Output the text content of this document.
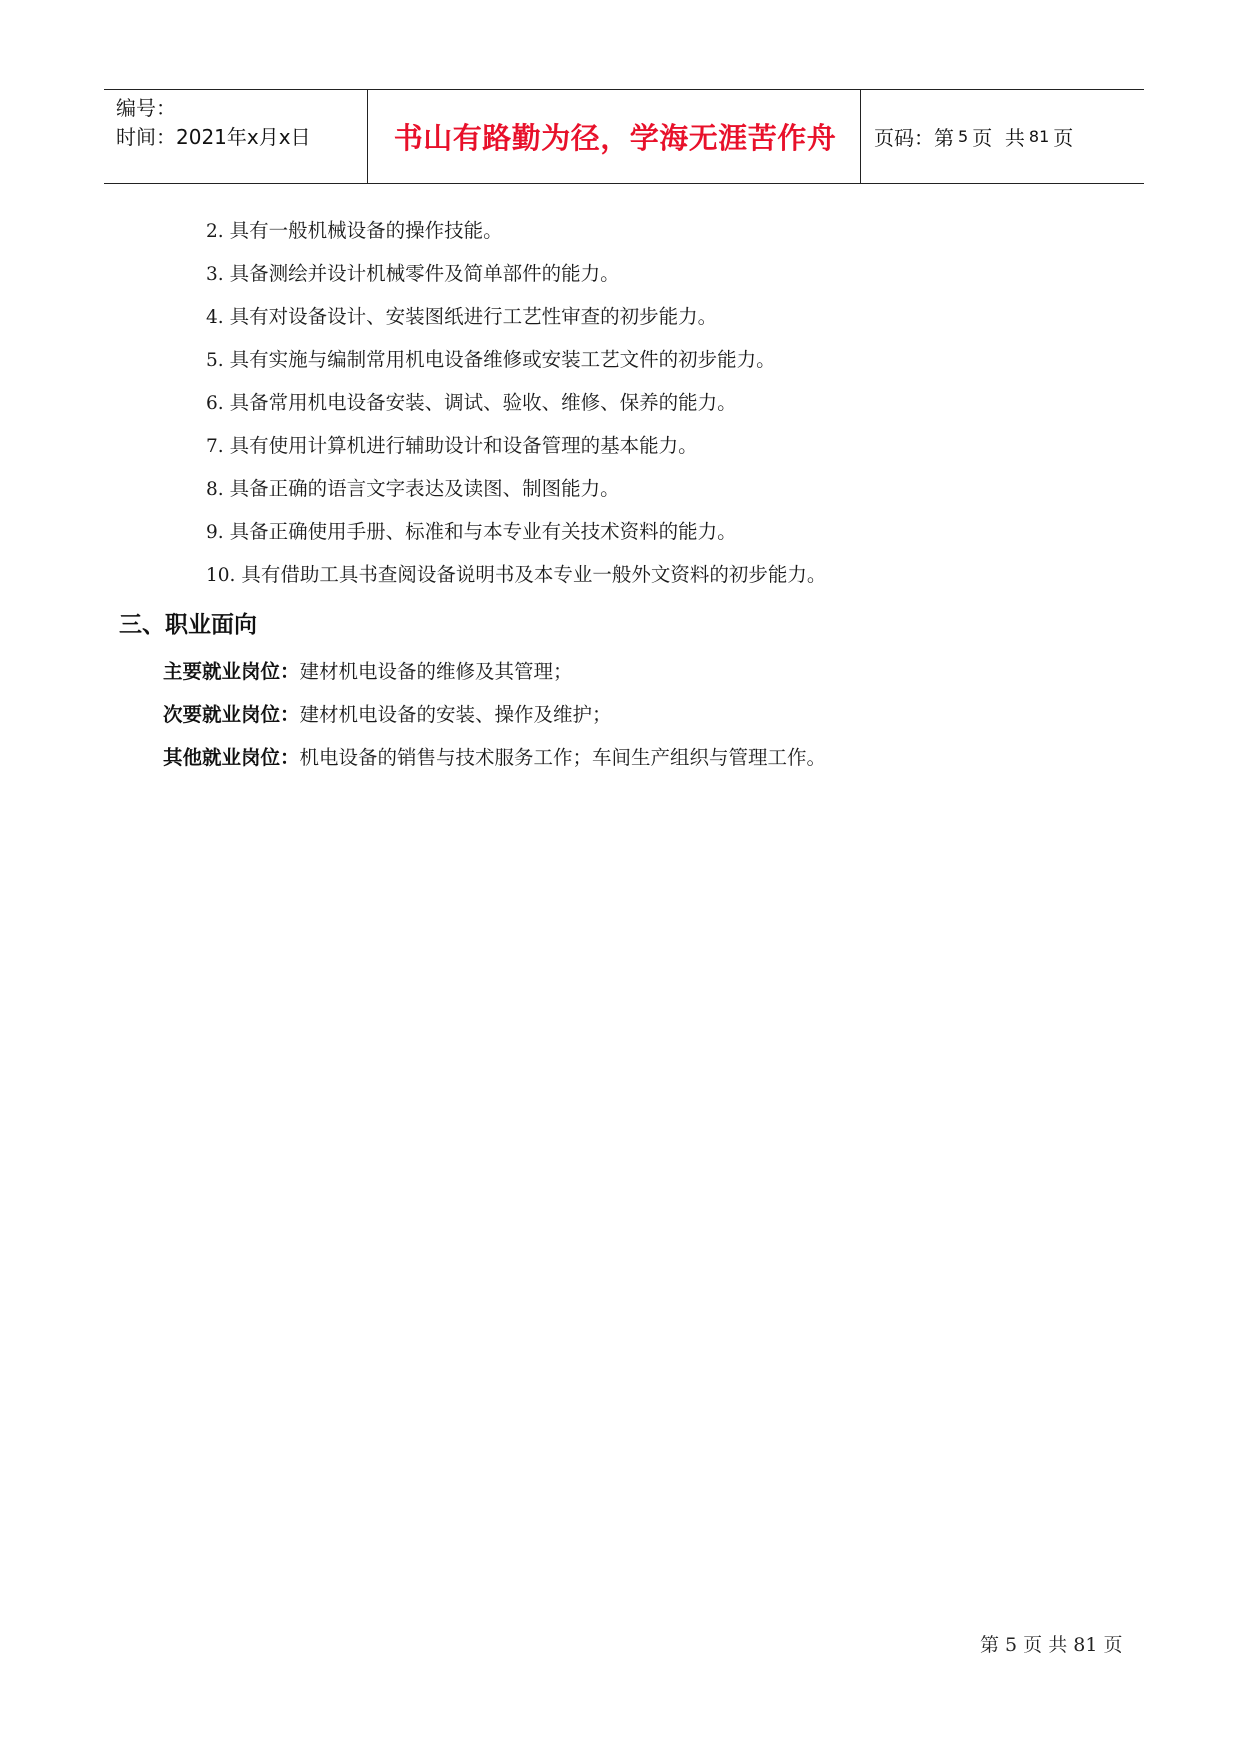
编号：
时间：2021年x月x日	书山有路勤为径，学海无涯苦作舟	页码：第 5 页  共 81 页
2. 具有一般机械设备的操作技能。
3. 具备测绘并设计机械零件及简单部件的能力。
4. 具有对设备设计、安装图纸进行工艺性审查的初步能力。
5. 具有实施与编制常用机电设备维修或安装工艺文件的初步能力。
6. 具备常用机电设备安装、调试、验收、维修、保养的能力。
7. 具有使用计算机进行辅助设计和设备管理的基本能力。
8. 具备正确的语言文字表达及读图、制图能力。
9. 具备正确使用手册、标准和与本专业有关技术资料的能力。
10. 具有借助工具书查阅设备说明书及本专业一般外文资料的初步能力。
三、职业面向
主要就业岗位：建材机电设备的维修及其管理；
次要就业岗位：建材机电设备的安装、操作及维护；
其他就业岗位：机电设备的销售与技术服务工作；车间生产组织与管理工作。
第 5 页 共 81 页
